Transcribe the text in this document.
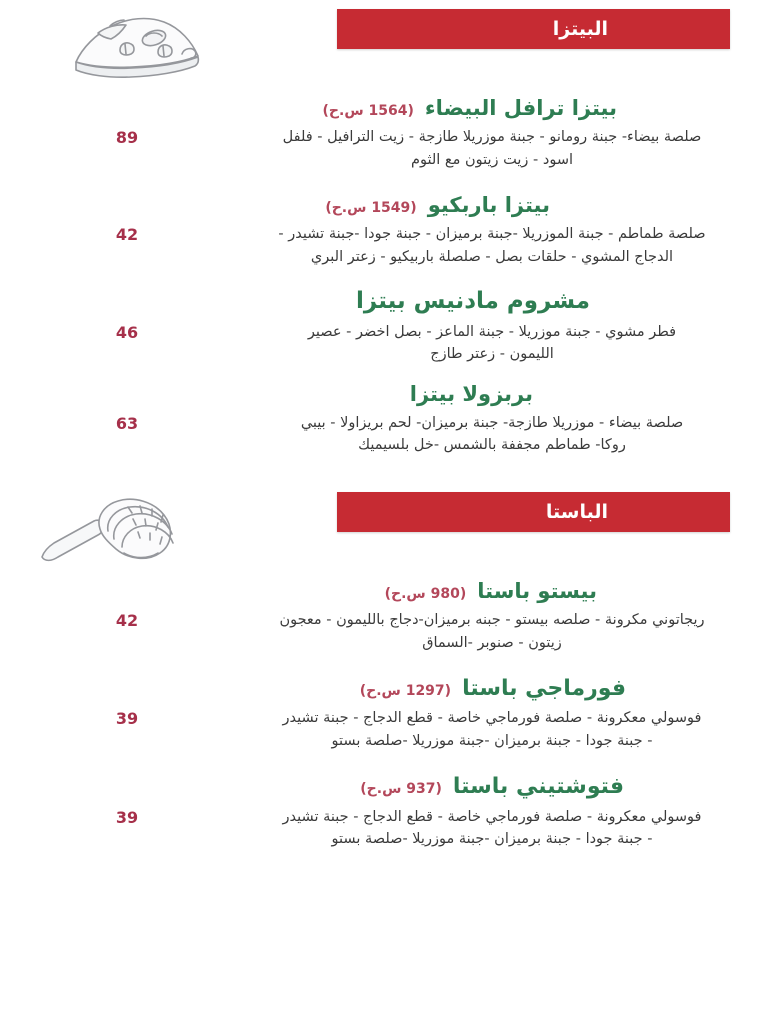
البيتزا
بيتزا ترافل البيضاء
(1564 س.ح)
صلصة بيضاء- جبنة رومانو - جبنة موزريلا طازجة - زيت الترافيل - فلفل
اسود - زيت زيتون مع الثوم
89
بيتزا باربكيو
(1549 س.ح)
صلصة طماطم - جبنة الموزريلا -جبنة برميزان - جبنة جودا -جبنة تشيدر -
الدجاج المشوي - حلقات بصل - صلصلة باربيكيو - زعتر البري
42
مشروم مادنيس بيتزا
فطر مشوي - جبنة موزريلا - جبنة الماعز - بصل اخضر - عصير
الليمون - زعتر طازج
46
بربزولا بيتزا
صلصة بيضاء - موزريلا طازجة- جبنة برميزان- لحم بريزاولا - بيبي
روكا- طماطم مجففة بالشمس -خل بلسيميك
63
الباستا
بيستو باستا
(980 س.ح)
ريجاتوني مكرونة - صلصه بيستو - جبنه برميزان-دجاج بالليمون - معجون
زيتون - صنوبر -السماق
42
فورماجي باستا
(1297 س.ح)
فوسولي معكرونة - صلصة فورماجي خاصة - قطع الدجاج - جبنة تشيدر
- جبنة جودا - جبنة برميزان -جبنة موزريلا -صلصة بستو
39
فتوشتيني باستا
(937 س.ح)
فوسولي معكرونة - صلصة فورماجي خاصة - قطع الدجاج - جبنة تشيدر
- جبنة جودا - جبنة برميزان -جبنة موزريلا -صلصة بستو
39
